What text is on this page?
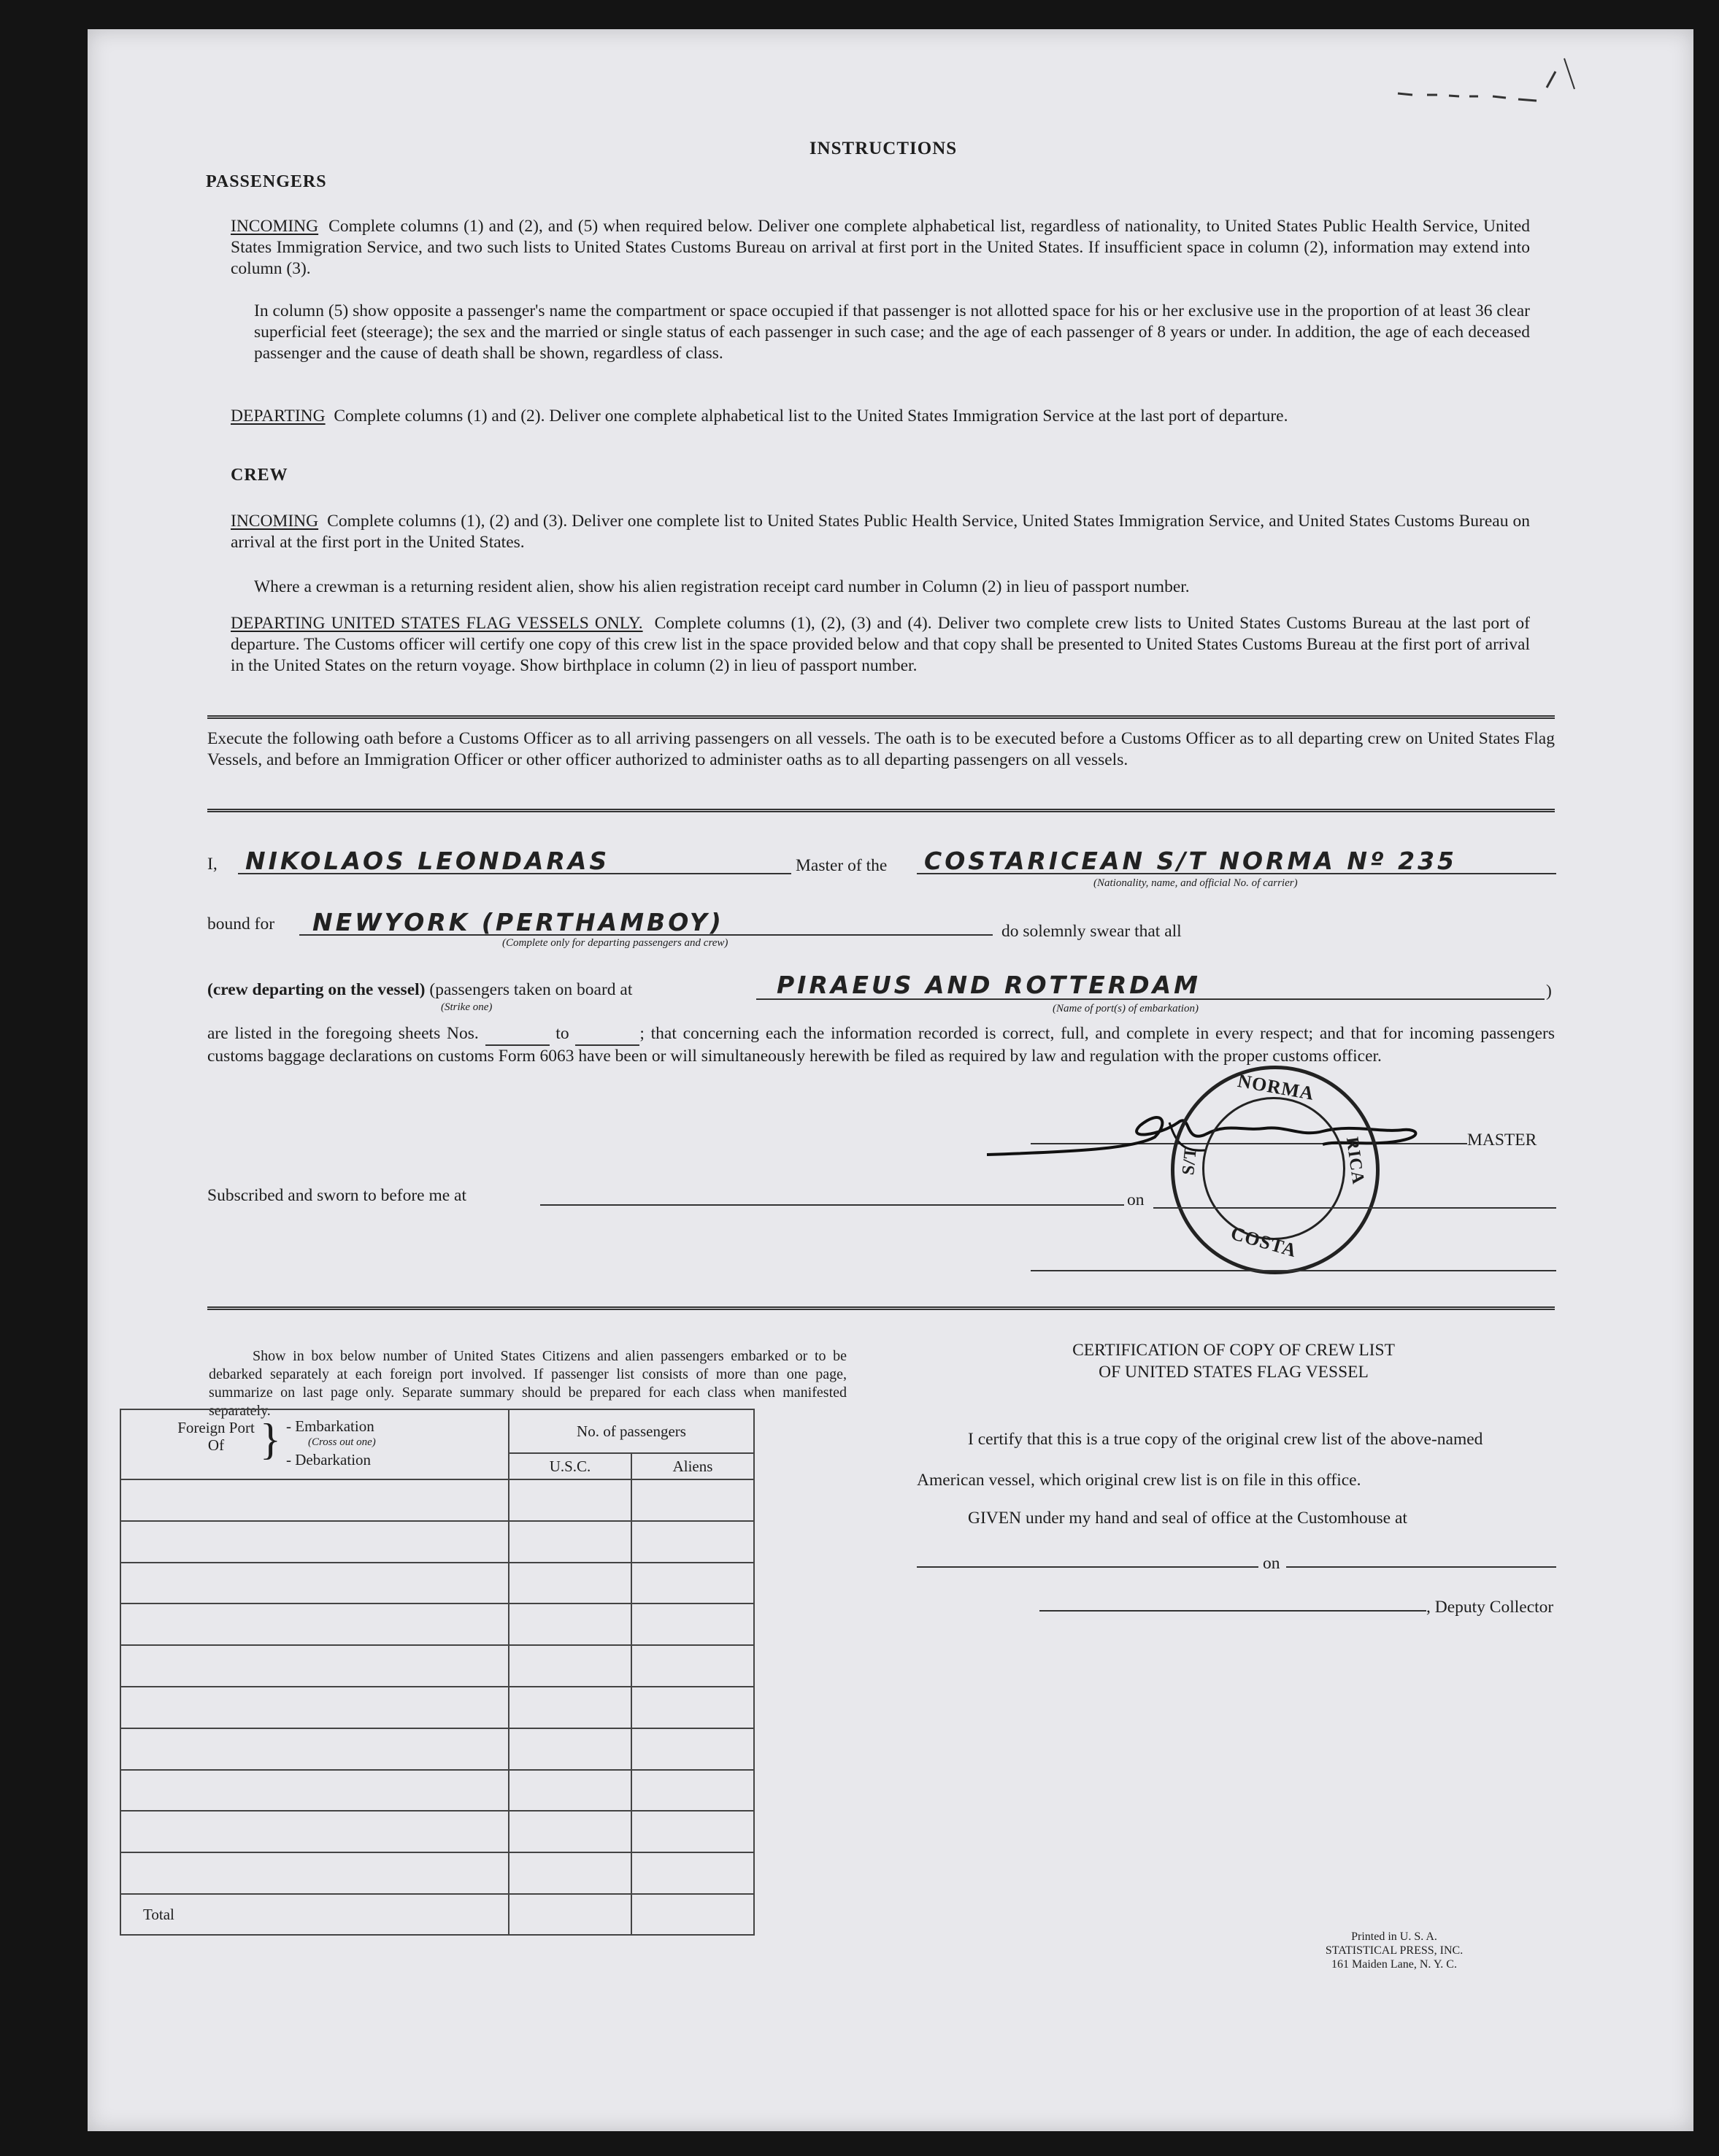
INSTRUCTIONS
PASSENGERS
INCOMING Complete columns (1) and (2), and (5) when required below. Deliver one complete alphabetical list, regardless of nationality, to United States Public Health Service, United States Immigration Service, and two such lists to United States Customs Bureau on arrival at first port in the United States. If insufficient space in column (2), information may extend into column (3).
In column (5) show opposite a passenger's name the compartment or space occupied if that passenger is not allotted space for his or her exclusive use in the proportion of at least 36 clear superficial feet (steerage); the sex and the married or single status of each passenger in such case; and the age of each passenger of 8 years or under. In addition, the age of each deceased passenger and the cause of death shall be shown, regardless of class.
DEPARTING Complete columns (1) and (2). Deliver one complete alphabetical list to the United States Immigration Service at the last port of departure.
CREW
INCOMING Complete columns (1), (2) and (3). Deliver one complete list to United States Public Health Service, United States Immigration Service, and United States Customs Bureau on arrival at the first port in the United States.
Where a crewman is a returning resident alien, show his alien registration receipt card number in Column (2) in lieu of passport number.
DEPARTING UNITED STATES FLAG VESSELS ONLY. Complete columns (1), (2), (3) and (4). Deliver two complete crew lists to United States Customs Bureau at the last port of departure. The Customs officer will certify one copy of this crew list in the space provided below and that copy shall be presented to United States Customs Bureau at the first port of arrival in the United States on the return voyage. Show birthplace in column (2) in lieu of passport number.
Execute the following oath before a Customs Officer as to all arriving passengers on all vessels. The oath is to be executed before a Customs Officer as to all departing crew on United States Flag Vessels, and before an Immigration Officer or other officer authorized to administer oaths as to all departing passengers on all vessels.
I, NIKOLAOS LEONDARAS	Master of the COSTARICEAN S/T NORMA Nº 235
(Nationality, name, and official No. of carrier)
bound for NEWYORK (PERTHAMBOY)
(Complete only for departing passengers and crew)
do solemnly swear that all
(crew departing on the vessel) (passengers taken on board at
(Strike one)
PIRAEUS AND ROTTERDAM	)
(Name of port(s) of embarkation)
are listed in the foregoing sheets Nos.	to	; that concerning each the information recorded is correct, full, and complete in every respect; and that for incoming passengers customs baggage declarations on customs Form 6063 have been or will simultaneously herewith be filed as required by law and regulation with the proper customs officer.
MASTER
NORMA
S/T	RICA
COSTA
Subscribed and sworn to before me at	on
Show in box below number of United States Citizens and alien passengers embarked or to be debarked separately at each foreign port involved. If passenger list consists of more than one page, summarize on last page only. Separate summary should be prepared for each class when manifested separately.
Foreign Port Of } - Embarkation
(Cross out one)
- Debarkation	No. of passengers	
	U.S.C.	Aliens

Total		
CERTIFICATION OF COPY OF CREW LIST
OF UNITED STATES FLAG VESSEL
I certify that this is a true copy of the original crew list of the above-named
American vessel, which original crew list is on file in this office.
GIVEN under my hand and seal of office at the Customhouse at
on
, Deputy Collector
Printed in U. S. A.
STATISTICAL PRESS, INC.
161 Maiden Lane, N. Y. C.
